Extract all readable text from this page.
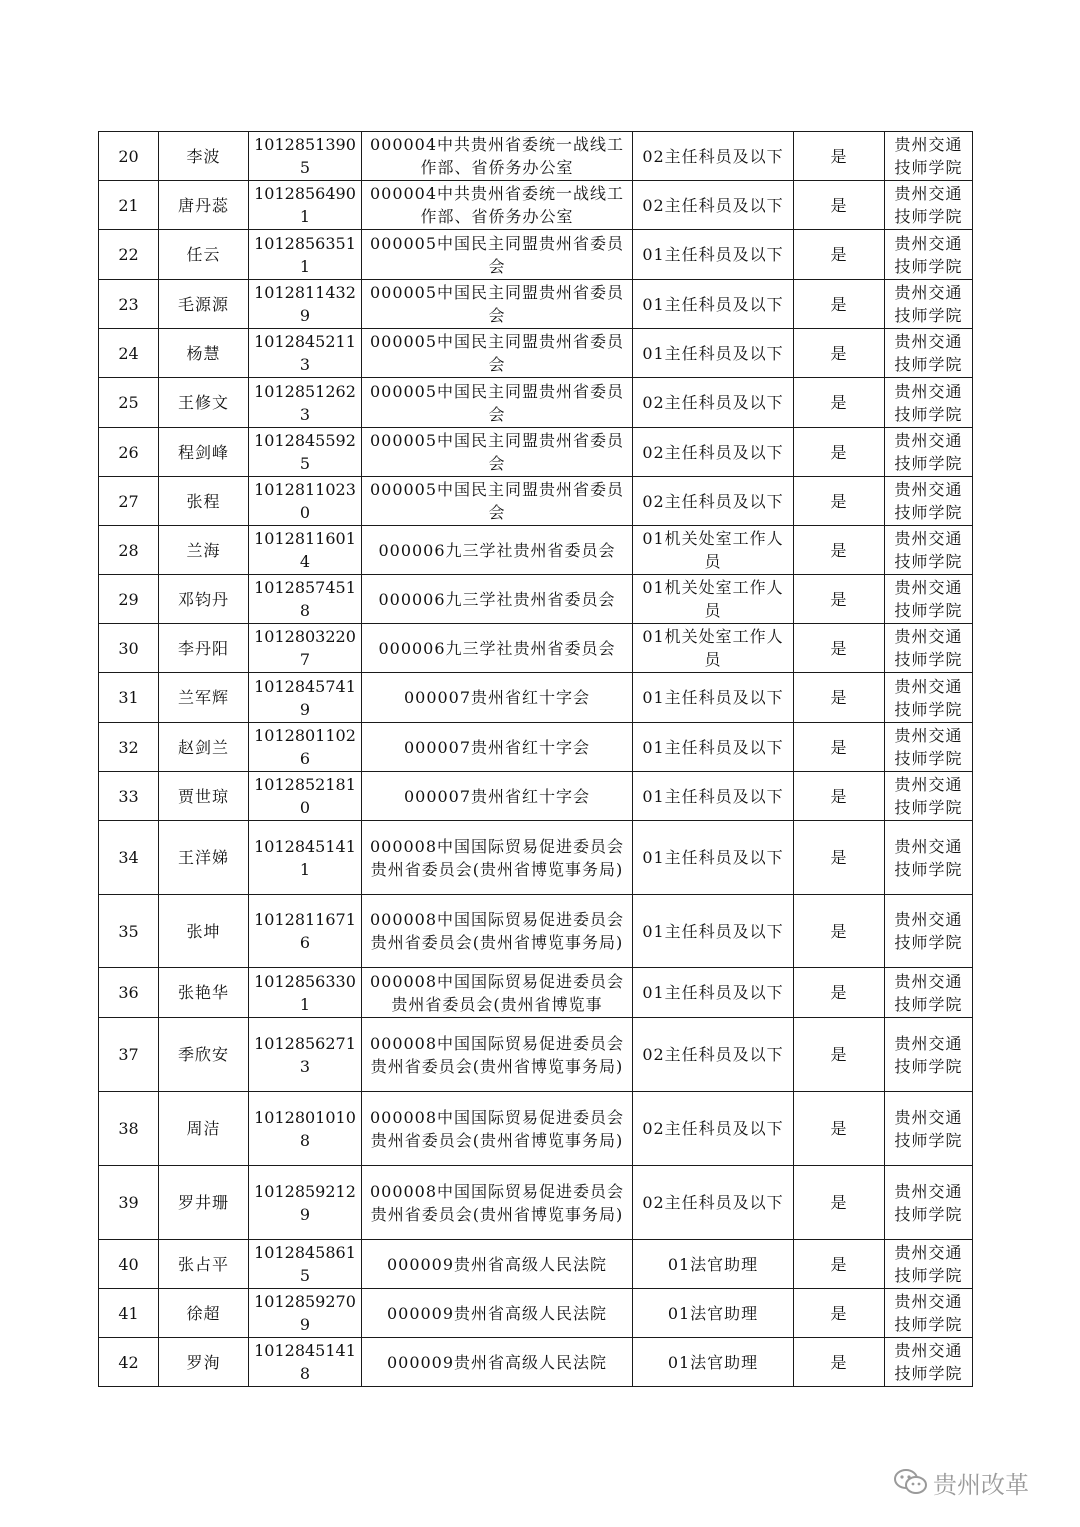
20	李波	10128513905	000004中共贵州省委统一战线工作部、省侨务办公室	02主任科员及以下	是	贵州交通技师学院
21	唐丹蕊	10128564901	000004中共贵州省委统一战线工作部、省侨务办公室	02主任科员及以下	是	贵州交通技师学院
22	任云	10128563511	000005中国民主同盟贵州省委员会	01主任科员及以下	是	贵州交通技师学院
23	毛源源	10128114329	000005中国民主同盟贵州省委员会	01主任科员及以下	是	贵州交通技师学院
24	杨慧	10128452113	000005中国民主同盟贵州省委员会	01主任科员及以下	是	贵州交通技师学院
25	王修文	10128512623	000005中国民主同盟贵州省委员会	02主任科员及以下	是	贵州交通技师学院
26	程剑峰	10128455925	000005中国民主同盟贵州省委员会	02主任科员及以下	是	贵州交通技师学院
27	张程	10128110230	000005中国民主同盟贵州省委员会	02主任科员及以下	是	贵州交通技师学院
28	兰海	10128116014	000006九三学社贵州省委员会	01机关处室工作人员	是	贵州交通技师学院
29	邓钧丹	10128574518	000006九三学社贵州省委员会	01机关处室工作人员	是	贵州交通技师学院
30	李丹阳	10128032207	000006九三学社贵州省委员会	01机关处室工作人员	是	贵州交通技师学院
31	兰军辉	10128457419	000007贵州省红十字会	01主任科员及以下	是	贵州交通技师学院
32	赵剑兰	10128011026	000007贵州省红十字会	01主任科员及以下	是	贵州交通技师学院
33	贾世琼	10128521810	000007贵州省红十字会	01主任科员及以下	是	贵州交通技师学院
34	王洋娣	10128451411	000008中国国际贸易促进委员会贵州省委员会(贵州省博览事务局)	01主任科员及以下	是	贵州交通技师学院
35	张坤	10128116716	000008中国国际贸易促进委员会贵州省委员会(贵州省博览事务局)	01主任科员及以下	是	贵州交通技师学院
36	张艳华	10128563301	000008中国国际贸易促进委员会贵州省委员会(贵州省博览事	01主任科员及以下	是	贵州交通技师学院
37	季欣安	10128562713	000008中国国际贸易促进委员会贵州省委员会(贵州省博览事务局)	02主任科员及以下	是	贵州交通技师学院
38	周洁	10128010108	000008中国国际贸易促进委员会贵州省委员会(贵州省博览事务局)	02主任科员及以下	是	贵州交通技师学院
39	罗井珊	10128592129	000008中国国际贸易促进委员会贵州省委员会(贵州省博览事务局)	02主任科员及以下	是	贵州交通技师学院
40	张占平	10128458615	000009贵州省高级人民法院	01法官助理	是	贵州交通技师学院
41	徐超	10128592709	000009贵州省高级人民法院	01法官助理	是	贵州交通技师学院
42	罗洵	10128451418	000009贵州省高级人民法院	01法官助理	是	贵州交通技师学院
贵州改革
